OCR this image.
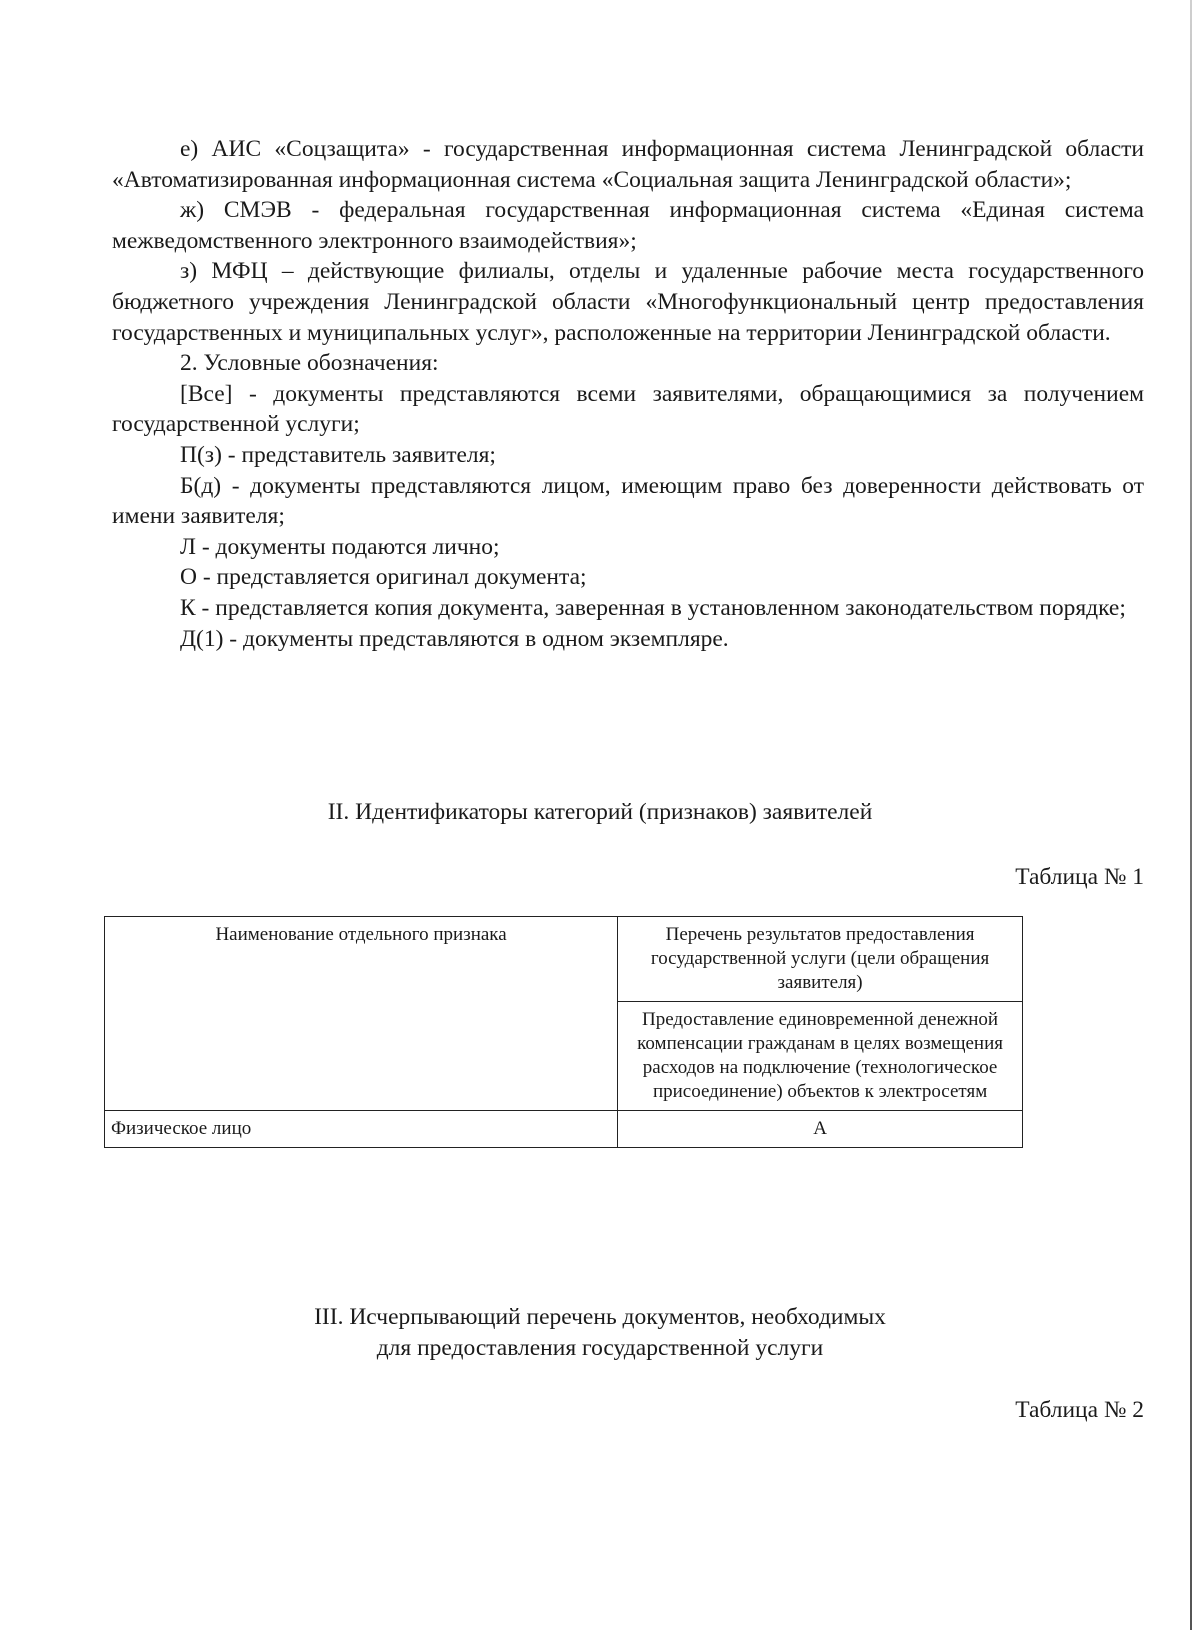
е) АИС «Соцзащита» - государственная информационная система Ленинградской области «Автоматизированная информационная система «Социальная защита Ленинградской области»;

ж) СМЭВ - федеральная государственная информационная система «Единая система межведомственного электронного взаимодействия»;

з) МФЦ – действующие филиалы, отделы и удаленные рабочие места государственного бюджетного учреждения Ленинградской области «Многофункциональный центр предоставления государственных и муниципальных услуг», расположенные на территории Ленинградской области.

2. Условные обозначения:

[Все] - документы представляются всеми заявителями, обращающимися за получением государственной услуги;

П(з) - представитель заявителя;

Б(д) - документы представляются лицом, имеющим право без доверенности действовать от имени заявителя;

Л - документы подаются лично;

О - представляется оригинал документа;

К - представляется копия документа, заверенная в установленном законодательством порядке;

Д(1) - документы представляются в одном экземпляре.

II. Идентификаторы категорий (признаков) заявителей
Таблица № 1
Наименование отдельного признака	Перечень результатов предоставления государственной услуги (цели обращения заявителя)
	Предоставление единовременной денежной компенсации гражданам в целях возмещения расходов на подключение (технологическое присоединение) объектов к электросетям
Физическое лицо	А
III. Исчерпывающий перечень документов, необходимых
для предоставления государственной услуги
Таблица № 2
